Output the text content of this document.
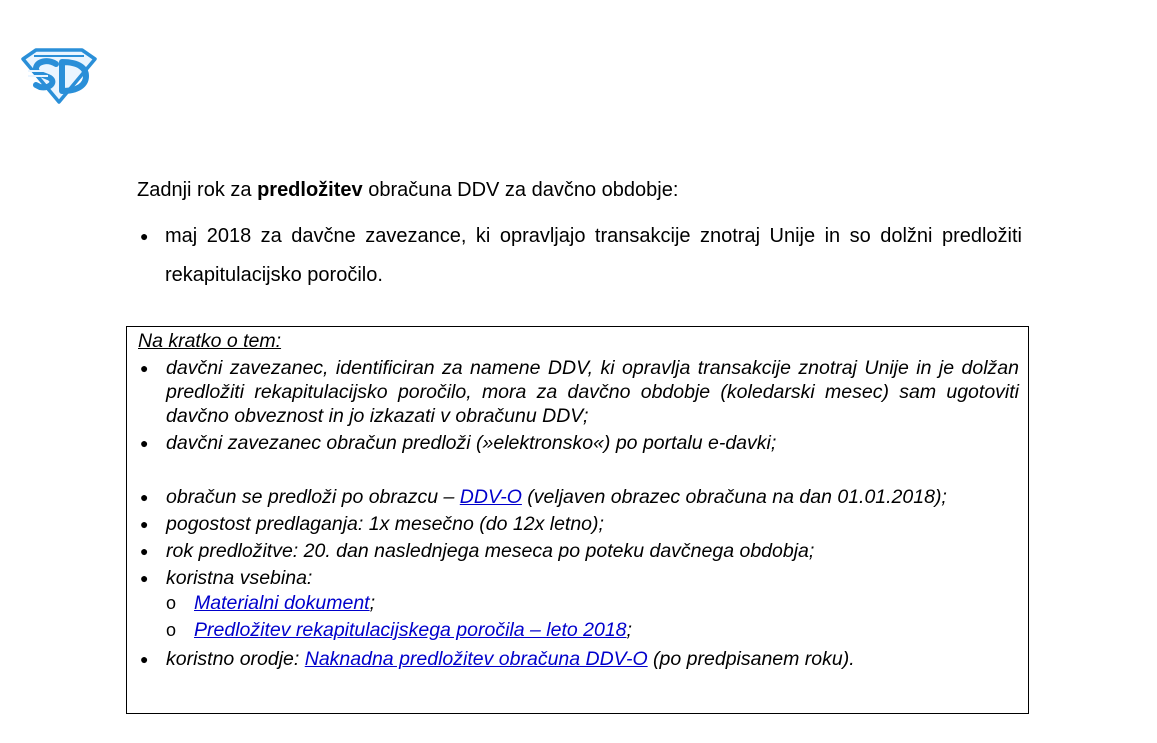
Zadnji rok za predložitev obračuna DDV za davčno obdobje:

● maj 2018 za davčne zavezance, ki opravljajo transakcije znotraj Unije in so dolžni predložiti rekapitulacijsko poročilo.

Na kratko o tem:

● davčni zavezanec, identificiran za namene DDV, ki opravlja transakcije znotraj Unije in je dolžan predložiti rekapitulacijsko poročilo, mora za davčno obdobje (koledarski mesec) sam ugotoviti davčno obveznost in jo izkazati v obračunu DDV;
● davčni zavezanec obračun predloži (»elektronsko«) po portalu e-davki;
● obračun se predloži po obrazcu – DDV-O (veljaven obrazec obračuna na dan 01.01.2018);
● pogostost predlaganja: 1x mesečno (do 12x letno);
● rok predložitve: 20. dan naslednjega meseca po poteku davčnega obdobja;
● koristna vsebina:
o Materialni dokument;
o Predložitev rekapitulacijskega poročila – leto 2018;
● koristno orodje: Naknadna predložitev obračuna DDV-O (po predpisanem roku).
